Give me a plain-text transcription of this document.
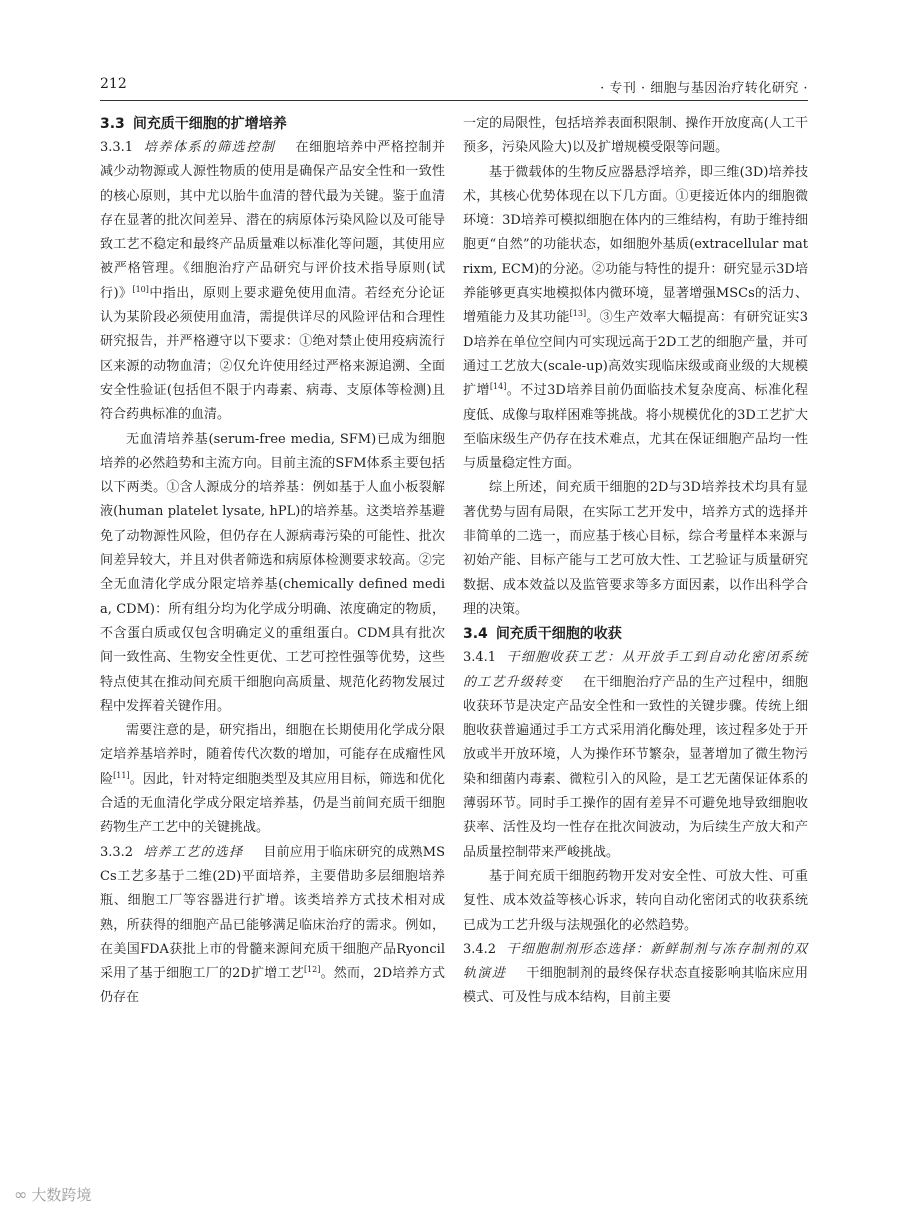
212	· 专刊 · 细胞与基因治疗转化研究 ·

3.3 间充质干细胞的扩增培养

3.3.1 培养体系的筛选控制 在细胞培养中严格控制并减少动物源或人源性物质的使用是确保产品安全性和一致性的核心原则，其中尤以胎牛血清的替代最为关键。鉴于血清存在显著的批次间差异、潜在的病原体污染风险以及可能导致工艺不稳定和最终产品质量难以标准化等问题，其使用应被严格管理。《细胞治疗产品研究与评价技术指导原则(试行)》[10]中指出，原则上要求避免使用血清。若经充分论证认为某阶段必须使用血清，需提供详尽的风险评估和合理性研究报告，并严格遵守以下要求：①绝对禁止使用疫病流行区来源的动物血清；②仅允许使用经过严格来源追溯、全面安全性验证(包括但不限于内毒素、病毒、支原体等检测)且符合药典标准的血清。

无血清培养基(serum-free media, SFM)已成为细胞培养的必然趋势和主流方向。目前主流的SFM体系主要包括以下两类。①含人源成分的培养基：例如基于人血小板裂解液(human platelet lysate, hPL)的培养基。这类培养基避免了动物源性风险，但仍存在人源病毒污染的可能性、批次间差异较大，并且对供者筛选和病原体检测要求较高。②完全无血清化学成分限定培养基(chemically defined media, CDM)：所有组分均为化学成分明确、浓度确定的物质，不含蛋白质或仅包含明确定义的重组蛋白。CDM具有批次间一致性高、生物安全性更优、工艺可控性强等优势，这些特点使其在推动间充质干细胞向高质量、规范化药物发展过程中发挥着关键作用。

需要注意的是，研究指出，细胞在长期使用化学成分限定培养基培养时，随着传代次数的增加，可能存在成瘤性风险[11]。因此，针对特定细胞类型及其应用目标，筛选和优化合适的无血清化学成分限定培养基，仍是当前间充质干细胞药物生产工艺中的关键挑战。

3.3.2 培养工艺的选择 目前应用于临床研究的成熟MSCs工艺多基于二维(2D)平面培养，主要借助多层细胞培养瓶、细胞工厂等容器进行扩增。该类培养方式技术相对成熟，所获得的细胞产品已能够满足临床治疗的需求。例如，在美国FDA获批上市的骨髓来源间充质干细胞产品Ryoncil采用了基于细胞工厂的2D扩增工艺[12]。然而，2D培养方式仍存在

一定的局限性，包括培养表面积限制、操作开放度高(人工干预多，污染风险大)以及扩增规模受限等问题。

基于微载体的生物反应器悬浮培养，即三维(3D)培养技术，其核心优势体现在以下几方面。①更接近体内的细胞微环境：3D培养可模拟细胞在体内的三维结构，有助于维持细胞更“自然”的功能状态，如细胞外基质(extracellular matrixm, ECM)的分泌。②功能与特性的提升：研究显示3D培养能够更真实地模拟体内微环境，显著增强MSCs的活力、增殖能力及其功能[13]。③生产效率大幅提高：有研究证实3D培养在单位空间内可实现远高于2D工艺的细胞产量，并可通过工艺放大(scale-up)高效实现临床级或商业级的大规模扩增[14]。不过3D培养目前仍面临技术复杂度高、标准化程度低、成像与取样困难等挑战。将小规模优化的3D工艺扩大至临床级生产仍存在技术难点，尤其在保证细胞产品均一性与质量稳定性方面。

综上所述，间充质干细胞的2D与3D培养技术均具有显著优势与固有局限，在实际工艺开发中，培养方式的选择并非简单的二选一，而应基于核心目标，综合考量样本来源与初始产能、目标产能与工艺可放大性、工艺验证与质量研究数据、成本效益以及监管要求等多方面因素，以作出科学合理的决策。

3.4 间充质干细胞的收获

3.4.1 干细胞收获工艺：从开放手工到自动化密闭系统的工艺升级转变 在干细胞治疗产品的生产过程中，细胞收获环节是决定产品安全性和一致性的关键步骤。传统上细胞收获普遍通过手工方式采用消化酶处理，该过程多处于开放或半开放环境，人为操作环节繁杂，显著增加了微生物污染和细菌内毒素、微粒引入的风险，是工艺无菌保证体系的薄弱环节。同时手工操作的固有差异不可避免地导致细胞收获率、活性及均一性存在批次间波动，为后续生产放大和产品质量控制带来严峻挑战。

基于间充质干细胞药物开发对安全性、可放大性、可重复性、成本效益等核心诉求，转向自动化密闭式的收获系统已成为工艺升级与法规强化的必然趋势。

3.4.2 干细胞制剂形态选择：新鲜制剂与冻存制剂的双轨演进 干细胞制剂的最终保存状态直接影响其临床应用模式、可及性与成本结构，目前主要

∞ 大数跨境
